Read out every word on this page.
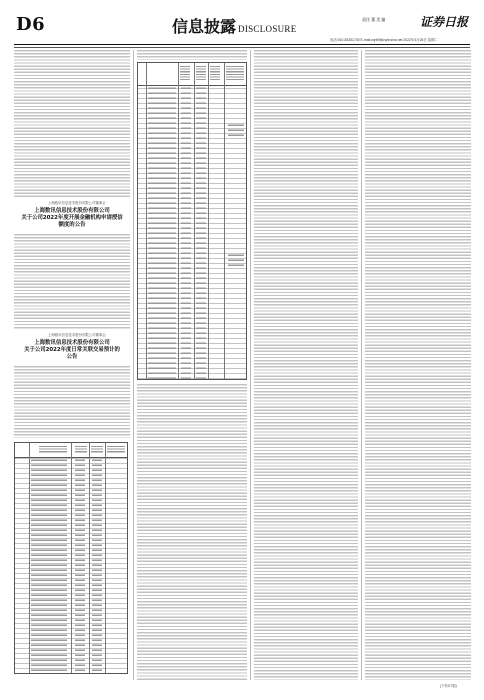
D6	信息披露 DISCLOSURE
责任 董 美 编	证券日报
电话:010-83251730 E-mail:zqrb9@zqrb.sina.net 2022年4月26日 星期二
上海数讯信息技术股份有限公司董事会
上海数讯信息技术股份有限公司
关于公司2022年度开展金融机构申请授信
额度的公告
上海数讯信息技术股份有限公司董事会
上海数讯信息技术股份有限公司
关于公司2022年度日常关联交易预计的
公告
(下转D7版)
